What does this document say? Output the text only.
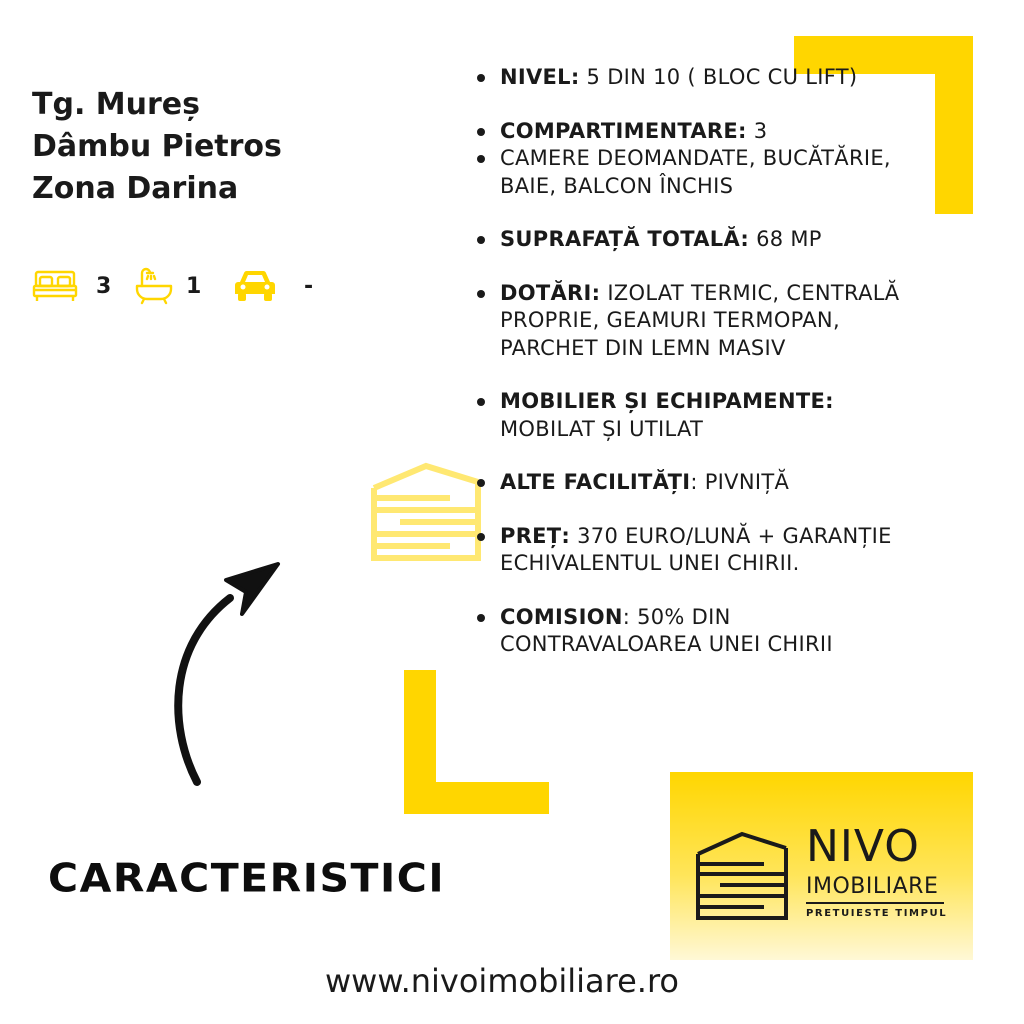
Tg. Mureș
Dâmbu Pietros
Zona Darina
3	1	-
NIVEL: 5 DIN 10 ( BLOC CU LIFT)
COMPARTIMENTARE: 3
CAMERE DEOMANDATE, BUCĂTĂRIE, BAIE, BALCON ÎNCHIS
SUPRAFAȚĂ TOTALĂ: 68 MP
DOTĂRI: IZOLAT TERMIC, CENTRALĂ PROPRIE, GEAMURI TERMOPAN, PARCHET DIN LEMN MASIV
MOBILIER ȘI ECHIPAMENTE: MOBILAT ȘI UTILAT
ALTE FACILITĂȚI: PIVNIȚĂ
PREȚ: 370 EURO/LUNĂ + GARANȚIE ECHIVALENTUL UNEI CHIRII.
COMISION: 50% DIN CONTRAVALOAREA UNEI CHIRII
CARACTERISTICI
NIVO
IMOBILIARE
PRETUIESTE TIMPUL
www.nivoimobiliare.ro
